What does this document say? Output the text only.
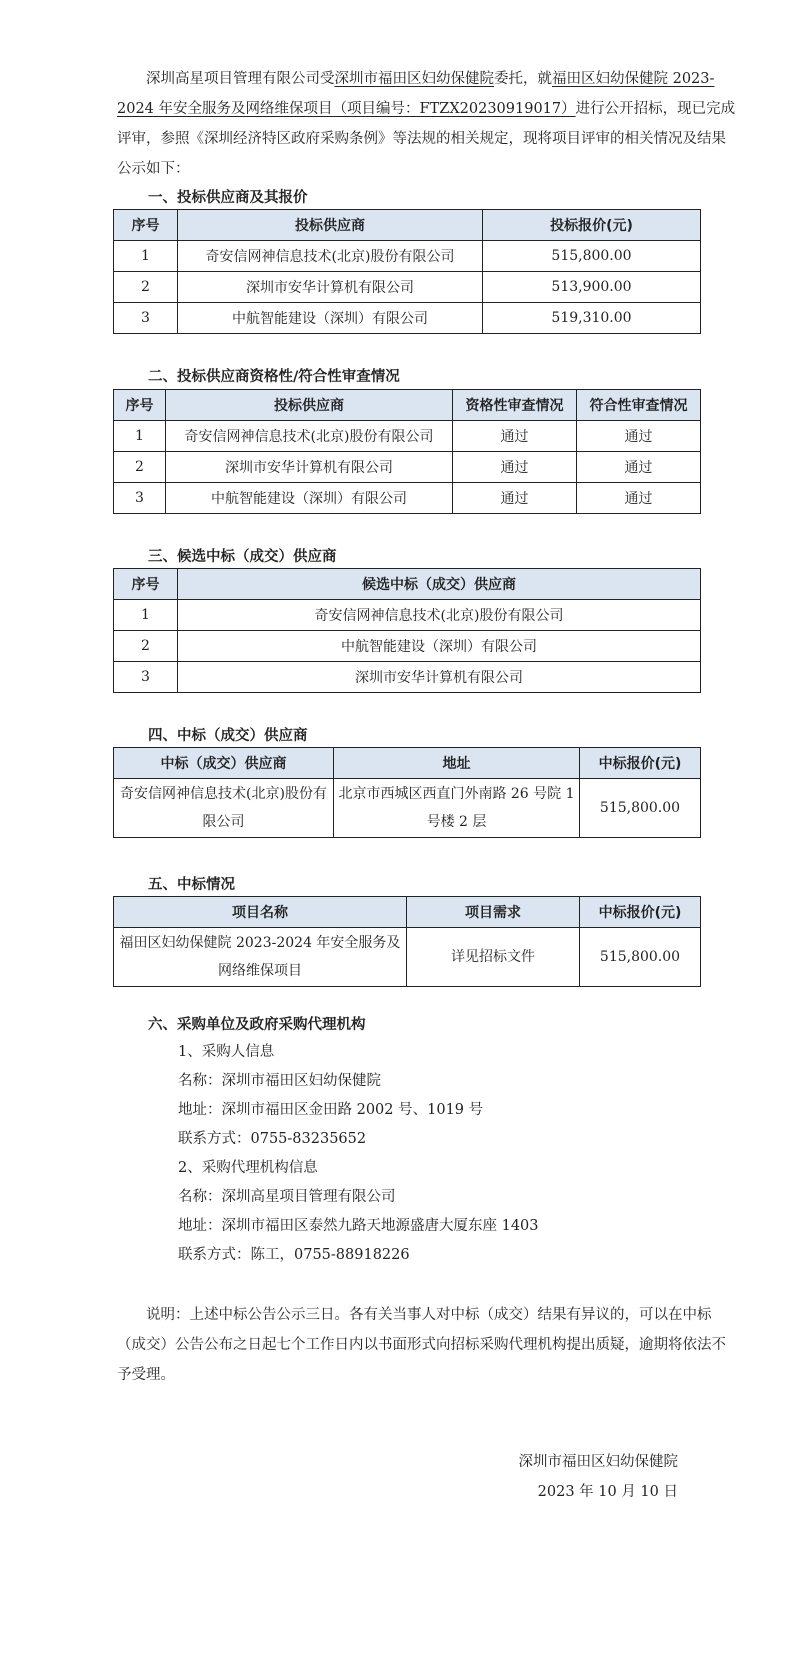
深圳高星项目管理有限公司受深圳市福田区妇幼保健院委托，就福田区妇幼保健院 2023-2024 年安全服务及网络维保项目（项目编号：FTZX20230919017）进行公开招标，现已完成评审，参照《深圳经济特区政府采购条例》等法规的相关规定，现将项目评审的相关情况及结果公示如下：

一、投标供应商及其报价

序号	投标供应商	投标报价(元)
1	奇安信网神信息技术(北京)股份有限公司	515,800.00
2	深圳市安华计算机有限公司	513,900.00
3	中航智能建设（深圳）有限公司	519,310.00

二、投标供应商资格性/符合性审查情况

序号	投标供应商	资格性审查情况	符合性审查情况
1	奇安信网神信息技术(北京)股份有限公司	通过	通过
2	深圳市安华计算机有限公司	通过	通过
3	中航智能建设（深圳）有限公司	通过	通过

三、候选中标（成交）供应商

序号	候选中标（成交）供应商
1	奇安信网神信息技术(北京)股份有限公司
2	中航智能建设（深圳）有限公司
3	深圳市安华计算机有限公司

四、中标（成交）供应商

中标（成交）供应商	地址	中标报价(元)
奇安信网神信息技术(北京)股份有限公司	北京市西城区西直门外南路 26 号院 1 号楼 2 层	515,800.00

五、中标情况

项目名称	项目需求	中标报价(元)
福田区妇幼保健院 2023-2024 年安全服务及网络维保项目	详见招标文件	515,800.00

六、采购单位及政府采购代理机构

1、采购人信息

名称：深圳市福田区妇幼保健院

地址：深圳市福田区金田路 2002 号、1019 号

联系方式：0755-83235652

2、采购代理机构信息

名称：深圳高星项目管理有限公司

地址：深圳市福田区泰然九路天地源盛唐大厦东座 1403

联系方式：陈工，0755-88918226

说明：上述中标公告公示三日。各有关当事人对中标（成交）结果有异议的，可以在中标（成交）公告公布之日起七个工作日内以书面形式向招标采购代理机构提出质疑，逾期将依法不予受理。

深圳市福田区妇幼保健院

2023 年 10 月 10 日
